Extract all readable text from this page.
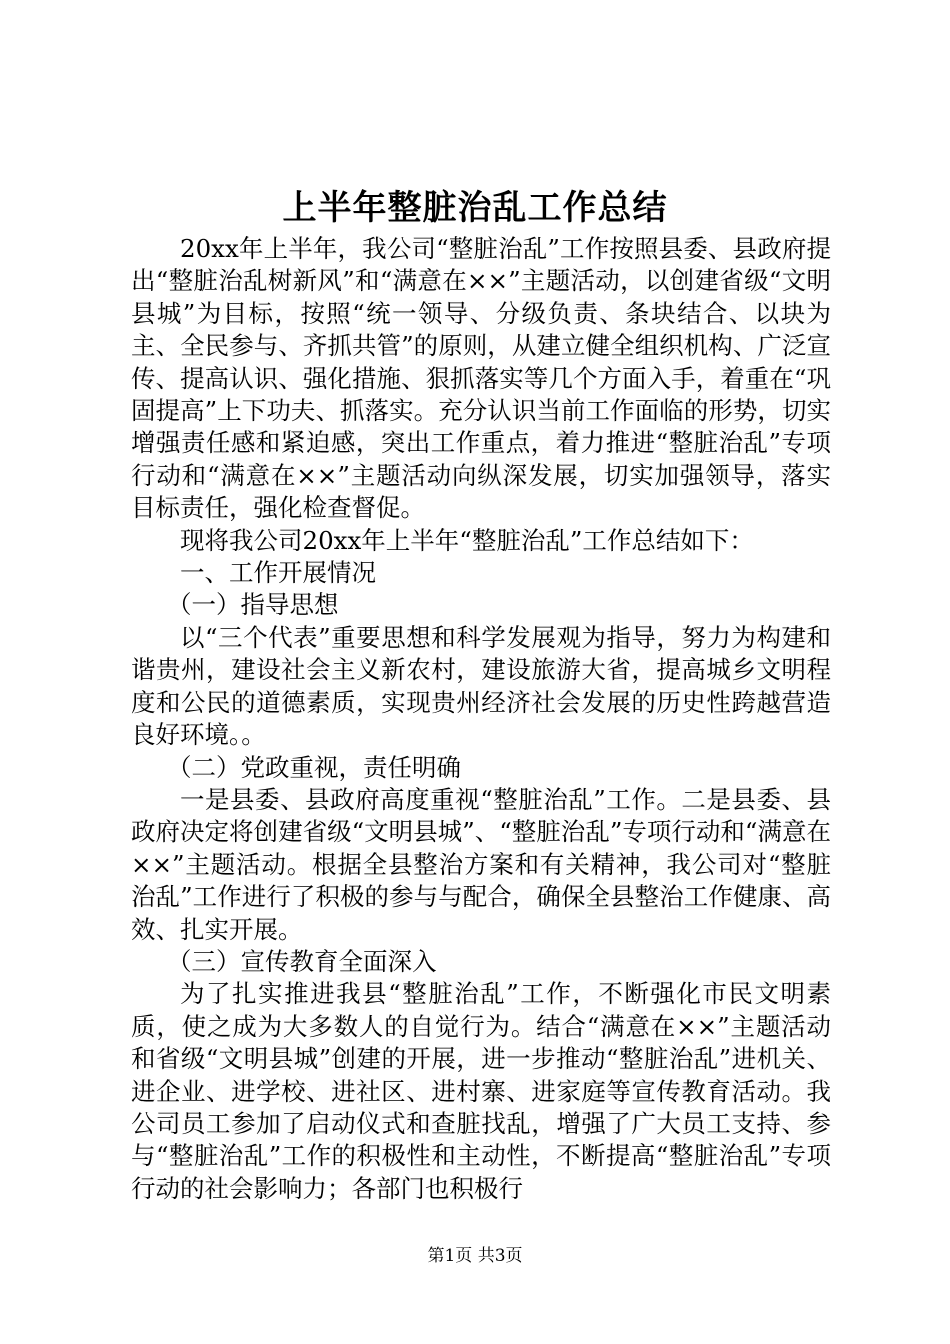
上半年整脏治乱工作总结

20xx年上半年，我公司“整脏治乱”工作按照县委、县政府提出“整脏治乱树新风”和“满意在××”主题活动，以创建省级“文明县城”为目标，按照“统一领导、分级负责、条块结合、以块为主、全民参与、齐抓共管”的原则，从建立健全组织机构、广泛宣传、提高认识、强化措施、狠抓落实等几个方面入手，着重在“巩固提高”上下功夫、抓落实。充分认识当前工作面临的形势，切实增强责任感和紧迫感，突出工作重点，着力推进“整脏治乱”专项行动和“满意在××”主题活动向纵深发展，切实加强领导，落实目标责任，强化检查督促。

现将我公司20xx年上半年“整脏治乱”工作总结如下：

一、工作开展情况

（一）指导思想

以“三个代表”重要思想和科学发展观为指导，努力为构建和谐贵州，建设社会主义新农村，建设旅游大省，提高城乡文明程度和公民的道德素质，实现贵州经济社会发展的历史性跨越营造良好环境。。

（二）党政重视，责任明确

一是县委、县政府高度重视“整脏治乱”工作。二是县委、县政府决定将创建省级“文明县城”、“整脏治乱”专项行动和“满意在××”主题活动。根据全县整治方案和有关精神，我公司对“整脏治乱”工作进行了积极的参与与配合，确保全县整治工作健康、高效、扎实开展。

（三）宣传教育全面深入

为了扎实推进我县“整脏治乱”工作，不断强化市民文明素质，使之成为大多数人的自觉行为。结合“满意在××”主题活动和省级“文明县城”创建的开展，进一步推动“整脏治乱”进机关、进企业、进学校、进社区、进村寨、进家庭等宣传教育活动。我公司员工参加了启动仪式和查脏找乱，增强了广大员工支持、参与“整脏治乱”工作的积极性和主动性，不断提高“整脏治乱”专项行动的社会影响力；各部门也积极行

第1页 共3页
